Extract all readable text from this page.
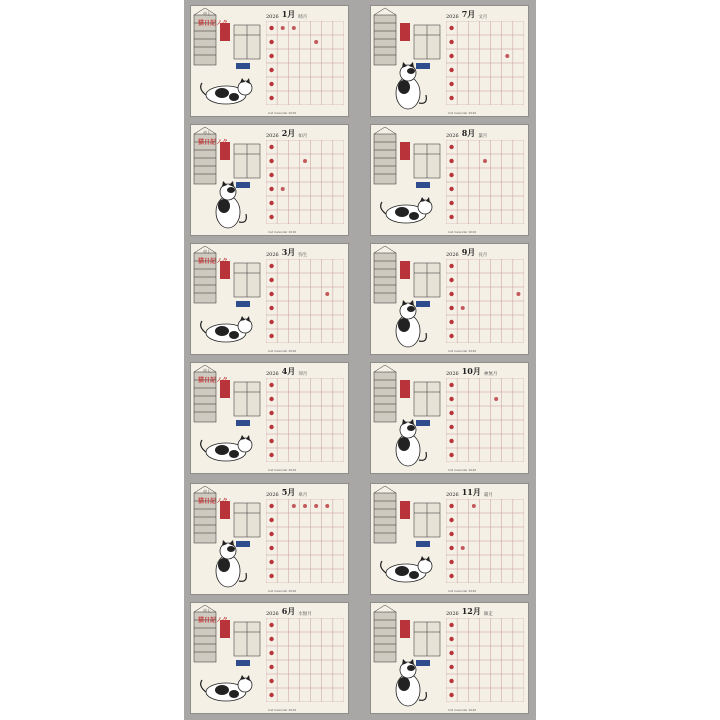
猫日記ノク
卓上
2026 1月 睦月
Cat Calendar 2026
2026 7月 文月
Cat Calendar 2026
猫日記ノク
卓上
2026 2月 如月
Cat Calendar 2026
2026 8月 葉月
Cat Calendar 2026
猫日記ノク
卓上
2026 3月 弥生
Cat Calendar 2026
2026 9月 長月
Cat Calendar 2026
猫日記ノク
卓上
2026 4月 卯月
Cat Calendar 2026
2026 10月 神無月
Cat Calendar 2026
猫日記ノク
卓上
2026 5月 皐月
Cat Calendar 2026
2026 11月 霜月
Cat Calendar 2026
猫日記ノク
卓上
2026 6月 水無月
Cat Calendar 2026
2026 12月 師走
Cat Calendar 2026
